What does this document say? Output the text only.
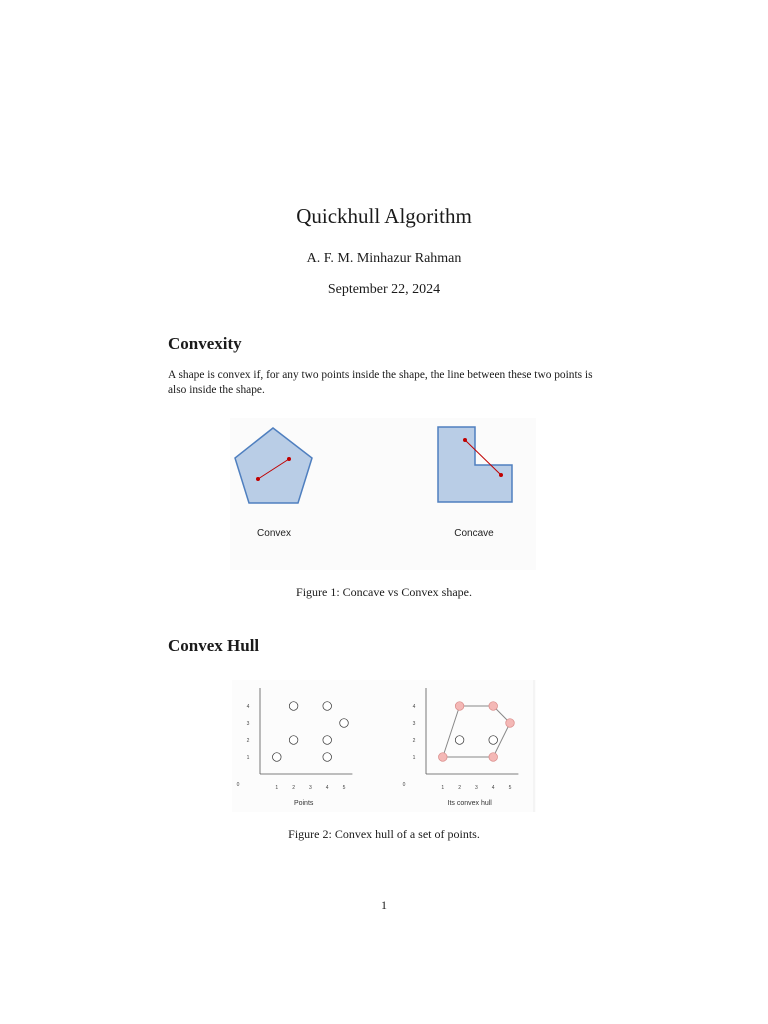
Quickhull Algorithm
A. F. M. Minhazur Rahman
September 22, 2024
Convexity
A shape is convex if, for any two points inside the shape, the line between these two points is also inside the shape.
Convex	Concave
Figure 1: Concave vs Convex shape.
Convex Hull
1
2
3
4
1	2	3	4	5
0
Points
1
2
3
4
1	2	3	4	5
0
Its convex hull
Figure 2: Convex hull of a set of points.
1
